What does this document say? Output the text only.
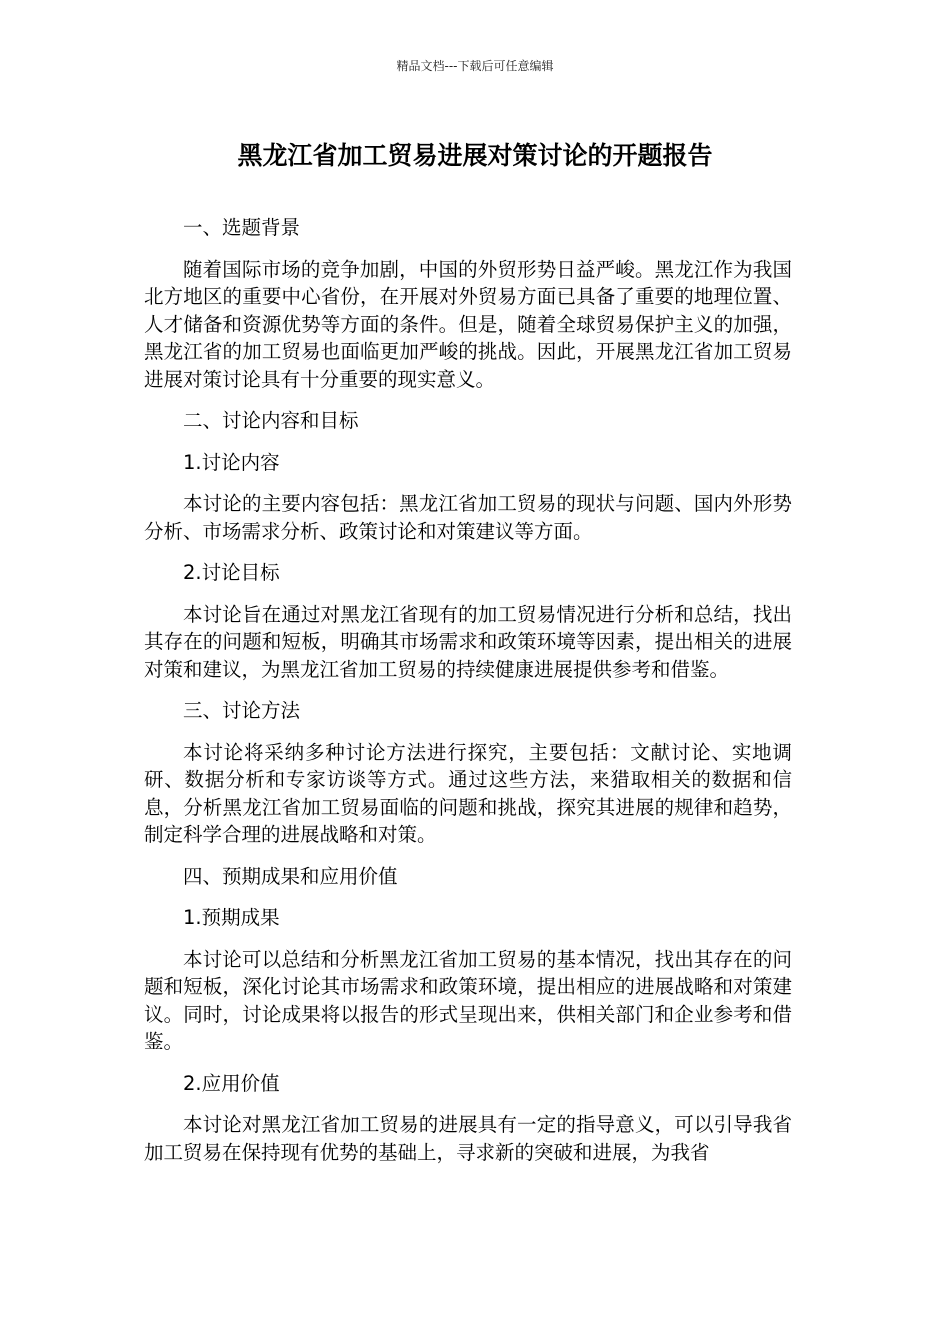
精品文档---下载后可任意编辑
黑龙江省加工贸易进展对策讨论的开题报告

一、选题背景

随着国际市场的竞争加剧，中国的外贸形势日益严峻。黑龙江作为我国北方地区的重要中心省份，在开展对外贸易方面已具备了重要的地理位置、人才储备和资源优势等方面的条件。但是，随着全球贸易保护主义的加强，黑龙江省的加工贸易也面临更加严峻的挑战。因此，开展黑龙江省加工贸易进展对策讨论具有十分重要的现实意义。

二、讨论内容和目标

1.讨论内容

本讨论的主要内容包括：黑龙江省加工贸易的现状与问题、国内外形势分析、市场需求分析、政策讨论和对策建议等方面。

2.讨论目标

本讨论旨在通过对黑龙江省现有的加工贸易情况进行分析和总结，找出其存在的问题和短板，明确其市场需求和政策环境等因素，提出相关的进展对策和建议，为黑龙江省加工贸易的持续健康进展提供参考和借鉴。

三、讨论方法

本讨论将采纳多种讨论方法进行探究，主要包括：文献讨论、实地调研、数据分析和专家访谈等方式。通过这些方法，来猎取相关的数据和信息，分析黑龙江省加工贸易面临的问题和挑战，探究其进展的规律和趋势，制定科学合理的进展战略和对策。

四、预期成果和应用价值

1.预期成果

本讨论可以总结和分析黑龙江省加工贸易的基本情况，找出其存在的问题和短板，深化讨论其市场需求和政策环境，提出相应的进展战略和对策建议。同时，讨论成果将以报告的形式呈现出来，供相关部门和企业参考和借鉴。

2.应用价值

本讨论对黑龙江省加工贸易的进展具有一定的指导意义，可以引导我省加工贸易在保持现有优势的基础上，寻求新的突破和进展，为我省
